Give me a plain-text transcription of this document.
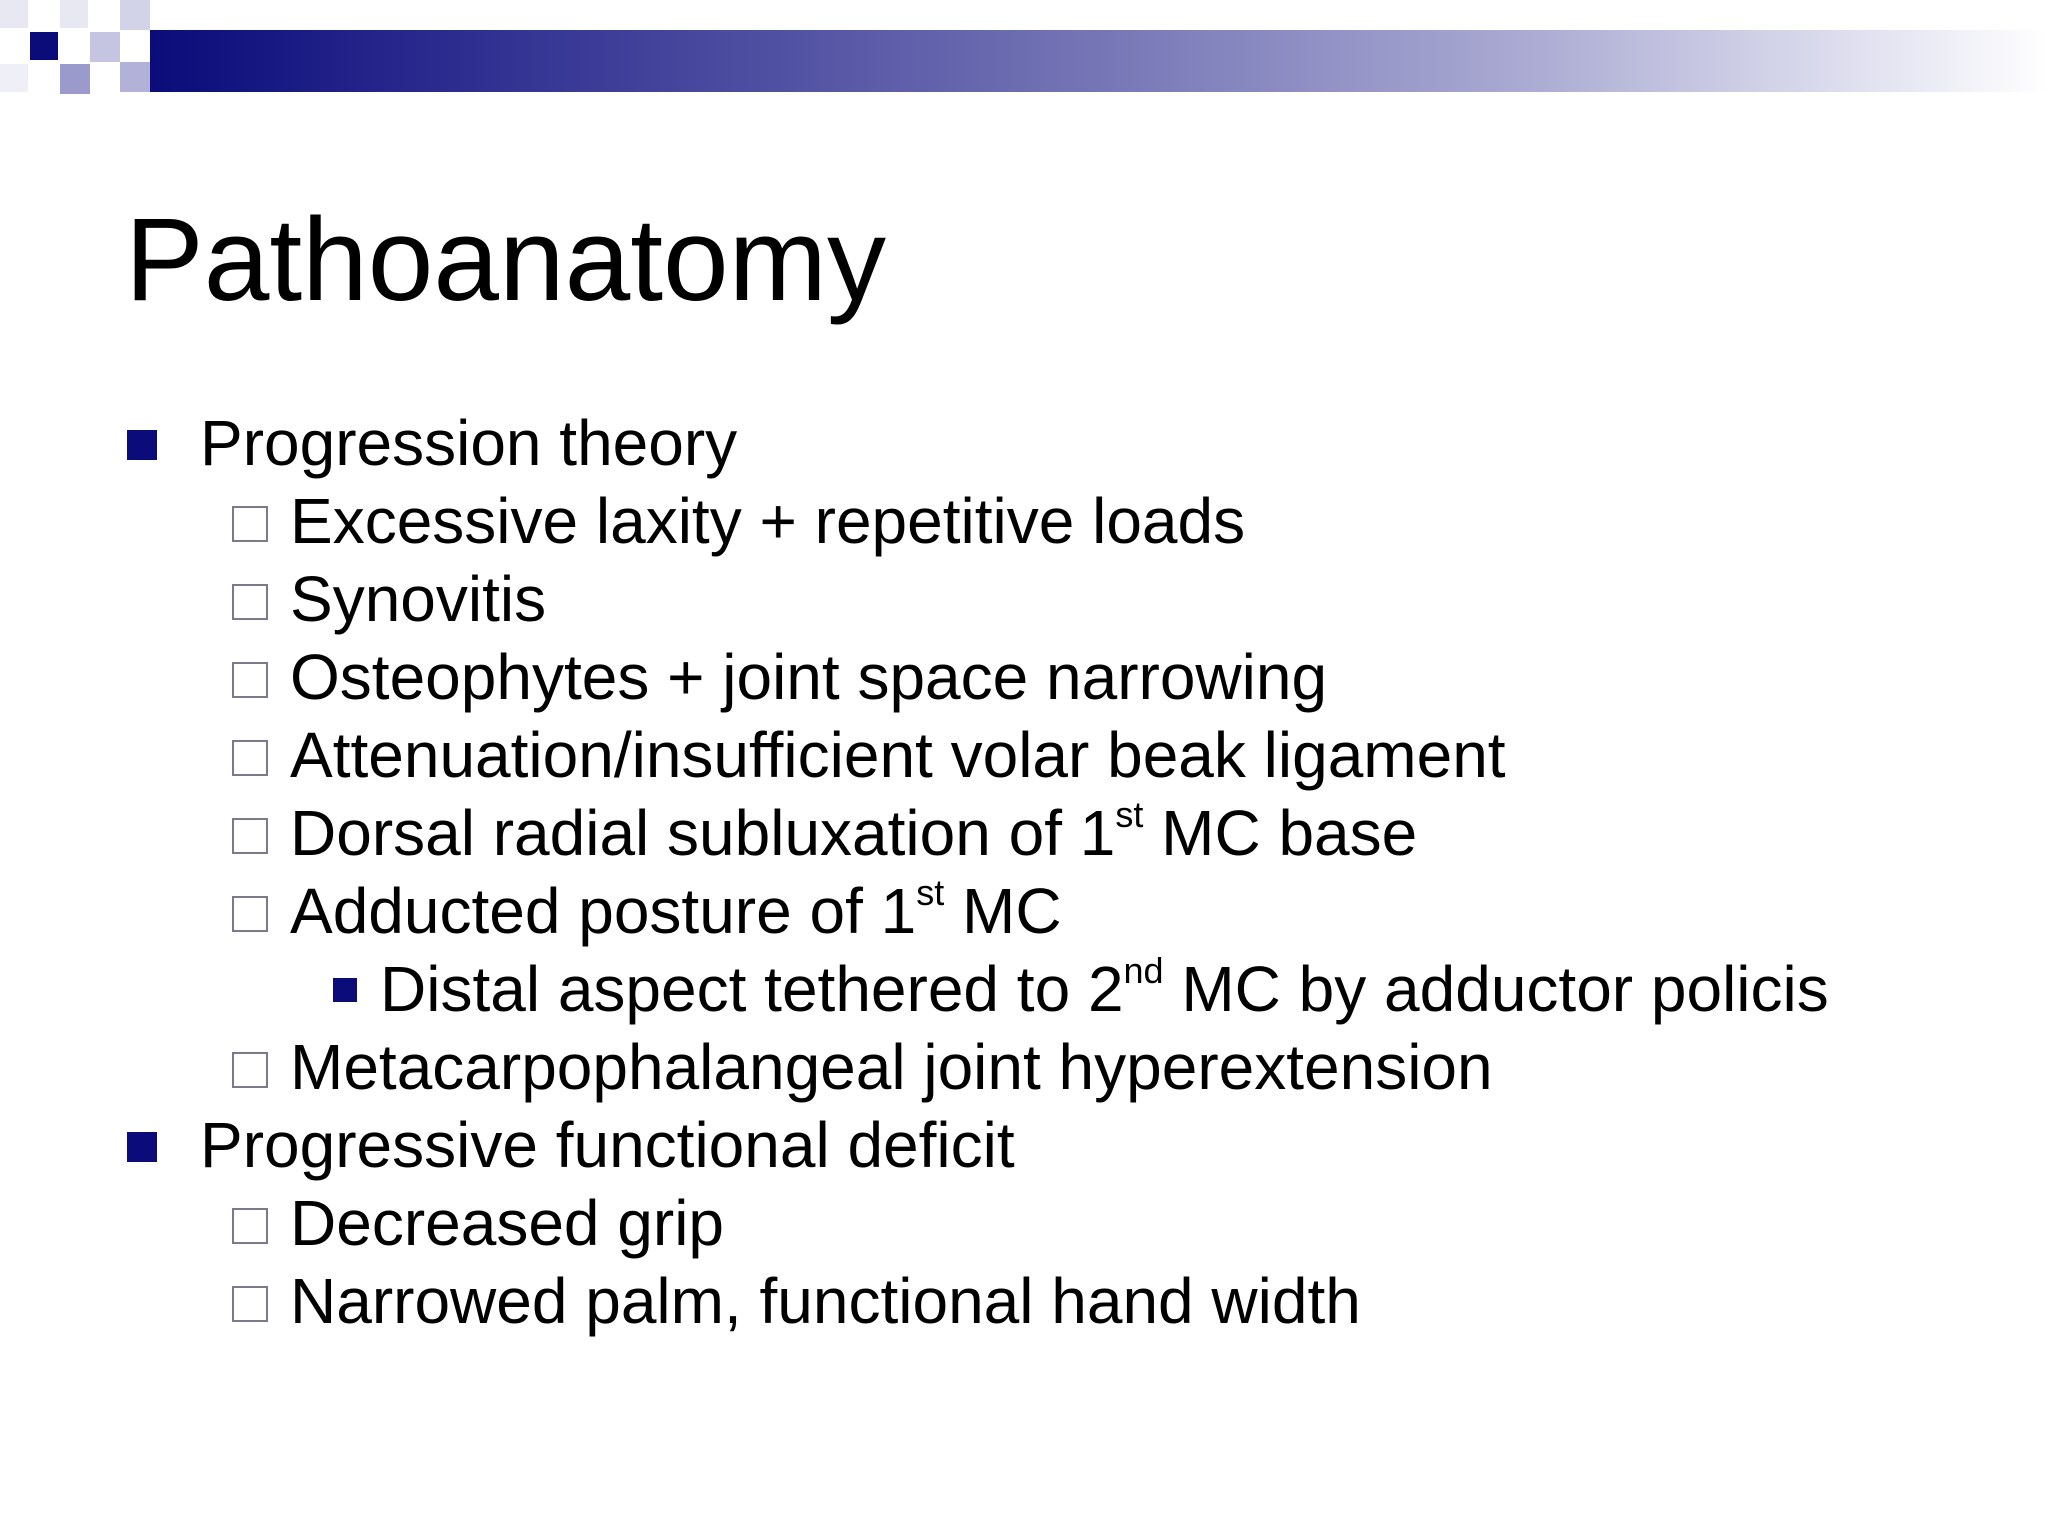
Pathoanatomy
Progression theory
Excessive laxity + repetitive loads
Synovitis
Osteophytes + joint space narrowing
Attenuation/insufficient volar beak ligament
Dorsal radial subluxation of 1st MC base
Adducted posture of 1st MC
Distal aspect tethered to 2nd MC by adductor policis
Metacarpophalangeal joint hyperextension
Progressive functional deficit
Decreased grip
Narrowed palm, functional hand width
